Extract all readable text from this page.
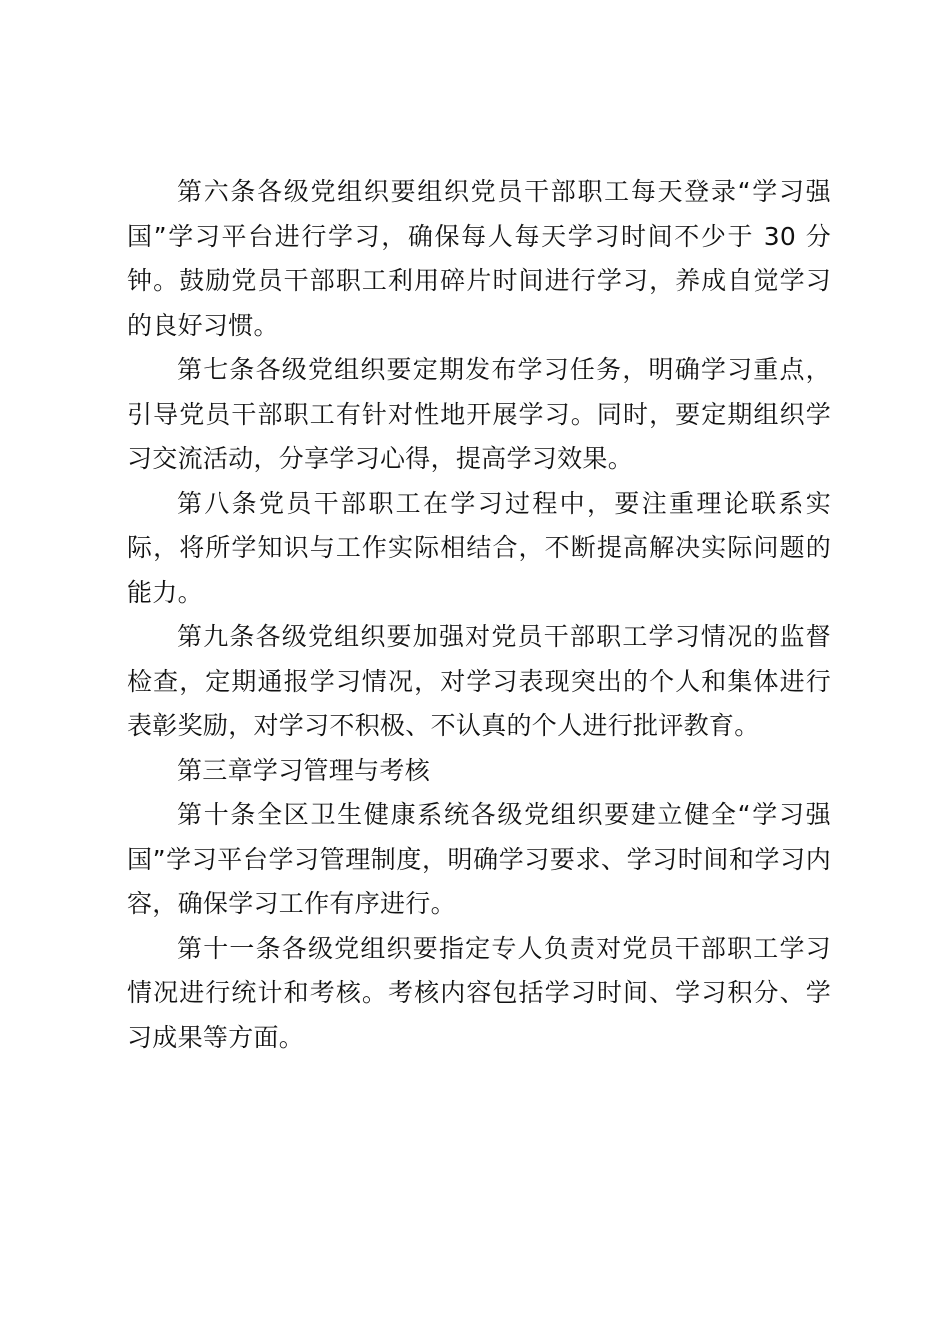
第六条各级党组织要组织党员干部职工每天登录“学习强国”学习平台进行学习，确保每人每天学习时间不少于 30 分钟。鼓励党员干部职工利用碎片时间进行学习，养成自觉学习的良好习惯。

第七条各级党组织要定期发布学习任务，明确学习重点，引导党员干部职工有针对性地开展学习。同时，要定期组织学习交流活动，分享学习心得，提高学习效果。

第八条党员干部职工在学习过程中，要注重理论联系实际，将所学知识与工作实际相结合，不断提高解决实际问题的能力。

第九条各级党组织要加强对党员干部职工学习情况的监督检查，定期通报学习情况，对学习表现突出的个人和集体进行表彰奖励，对学习不积极、不认真的个人进行批评教育。

第三章学习管理与考核

第十条全区卫生健康系统各级党组织要建立健全“学习强国”学习平台学习管理制度，明确学习要求、学习时间和学习内容，确保学习工作有序进行。

第十一条各级党组织要指定专人负责对党员干部职工学习情况进行统计和考核。考核内容包括学习时间、学习积分、学习成果等方面。
